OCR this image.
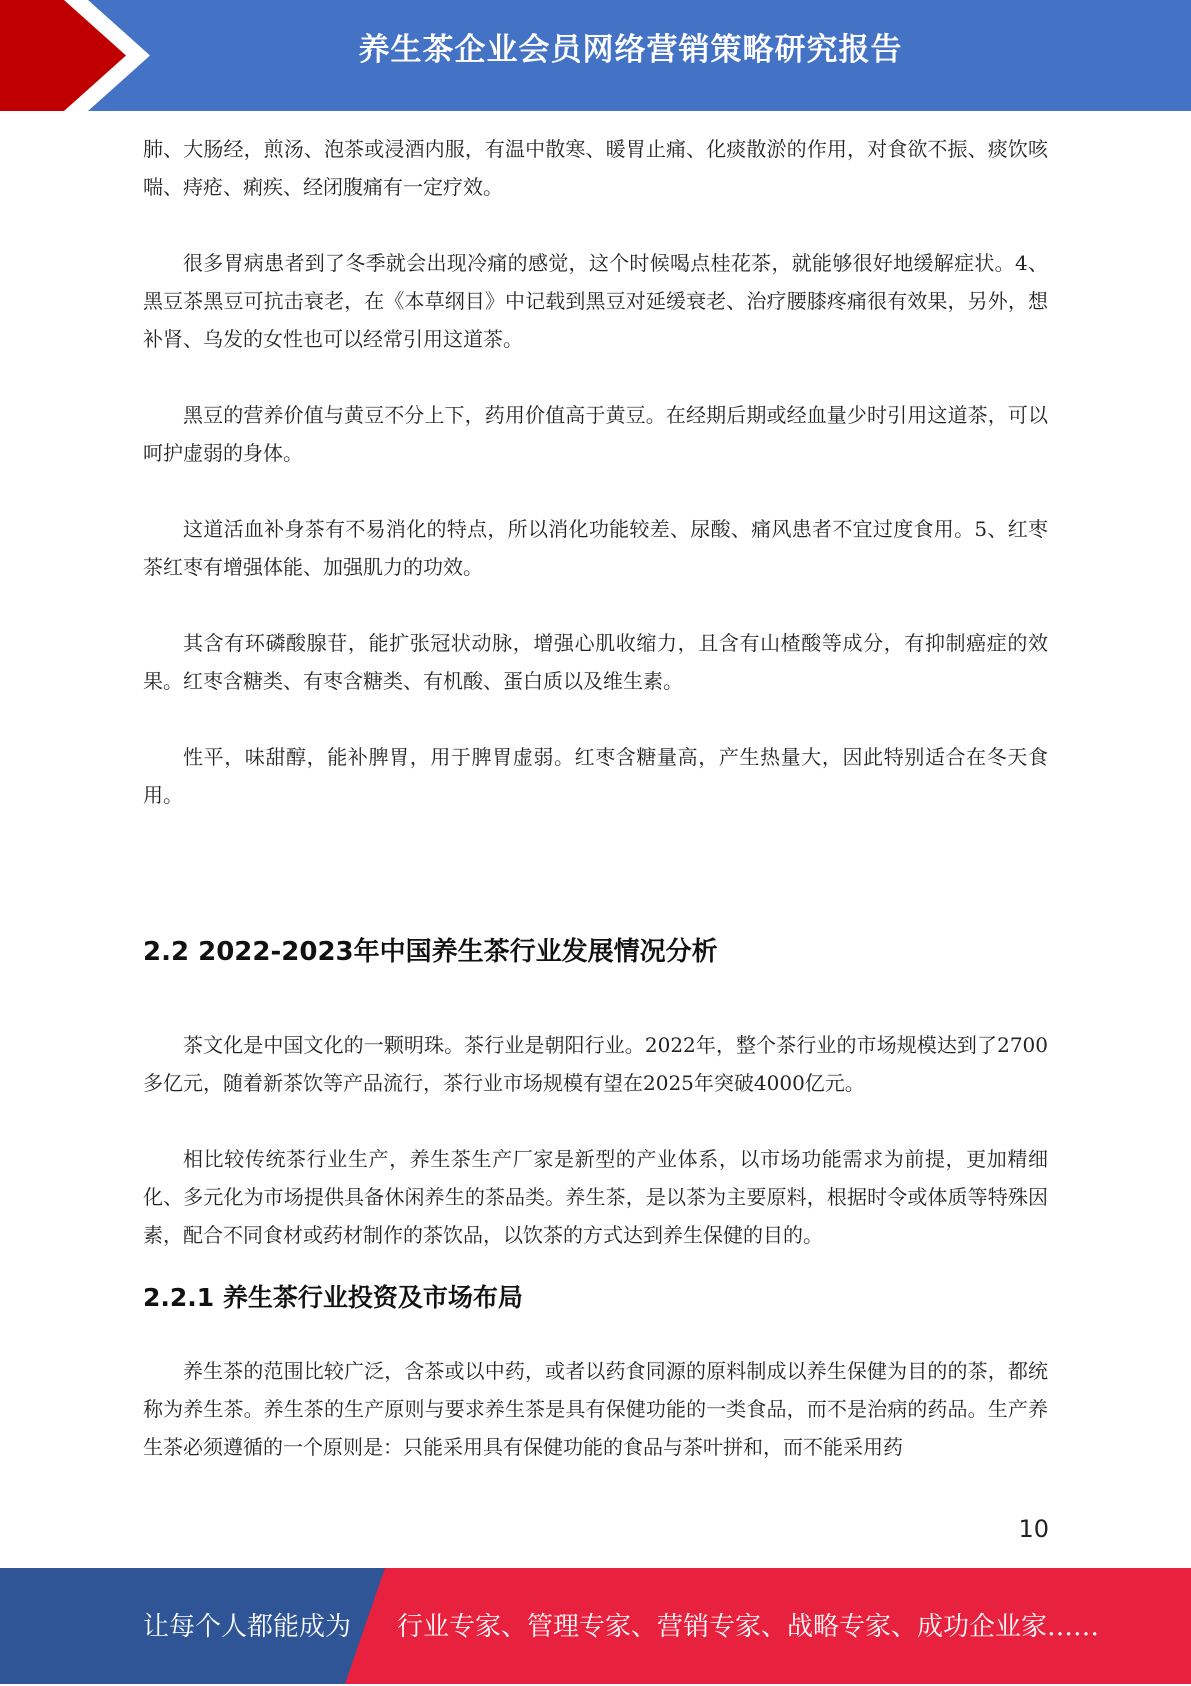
养生茶企业会员网络营销策略研究报告

肺、大肠经，煎汤、泡茶或浸酒内服，有温中散寒、暖胃止痛、化痰散淤的作用，对食欲不振、痰饮咳喘、痔疮、痢疾、经闭腹痛有一定疗效。

很多胃病患者到了冬季就会出现冷痛的感觉，这个时候喝点桂花茶，就能够很好地缓解症状。4、黑豆茶黑豆可抗击衰老，在《本草纲目》中记载到黑豆对延缓衰老、治疗腰膝疼痛很有效果，另外，想补肾、乌发的女性也可以经常引用这道茶。

黑豆的营养价值与黄豆不分上下，药用价值高于黄豆。在经期后期或经血量少时引用这道茶，可以呵护虚弱的身体。

这道活血补身茶有不易消化的特点，所以消化功能较差、尿酸、痛风患者不宜过度食用。5、红枣茶红枣有增强体能、加强肌力的功效。

其含有环磷酸腺苷，能扩张冠状动脉，增强心肌收缩力，且含有山楂酸等成分，有抑制癌症的效果。红枣含糖类、有枣含糖类、有机酸、蛋白质以及维生素。

性平，味甜醇，能补脾胃，用于脾胃虚弱。红枣含糖量高，产生热量大，因此特别适合在冬天食用。

2.2 2022-2023年中国养生茶行业发展情况分析

茶文化是中国文化的一颗明珠。茶行业是朝阳行业。2022年，整个茶行业的市场规模达到了2700多亿元，随着新茶饮等产品流行，茶行业市场规模有望在2025年突破4000亿元。

相比较传统茶行业生产，养生茶生产厂家是新型的产业体系，以市场功能需求为前提，更加精细化、多元化为市场提供具备休闲养生的茶品类。养生茶，是以茶为主要原料，根据时令或体质等特殊因素，配合不同食材或药材制作的茶饮品，以饮茶的方式达到养生保健的目的。

2.2.1 养生茶行业投资及市场布局

养生茶的范围比较广泛，含茶或以中药，或者以药食同源的原料制成以养生保健为目的的茶，都统称为养生茶。养生茶的生产原则与要求养生茶是具有保健功能的一类食品，而不是治病的药品。生产养生茶必须遵循的一个原则是：只能采用具有保健功能的食品与茶叶拼和，而不能采用药

10
让每个人都能成为 行业专家、管理专家、营销专家、战略专家、成功企业家……
